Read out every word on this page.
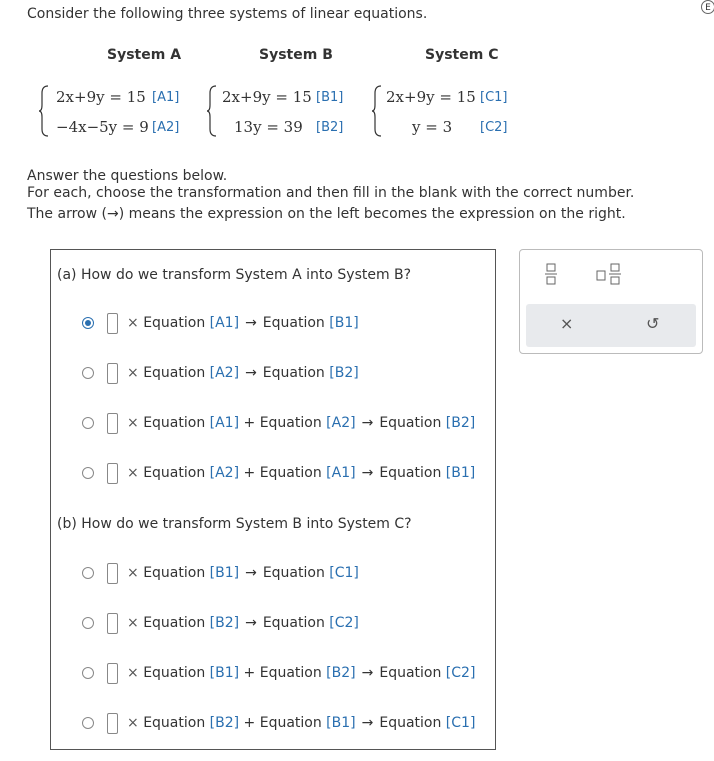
E
Consider the following three systems of linear equations.
System A	System B	System C
2x+9y = 15 [A1]
−4x−5y = 9 [A2]
2x+9y = 15 [B1]
13y = 39 [B2]
2x+9y = 15 [C1]
y = 3 [C2]
Answer the questions below.
For each, choose the transformation and then fill in the blank with the correct number.
The arrow (→) means the expression on the left becomes the expression on the right.
(a) How do we transform System A into System B?
× Equation [A1] → Equation [B1]
× Equation [A2] → Equation [B2]
× Equation [A1] + Equation [A2] → Equation [B2]
× Equation [A2] + Equation [A1] → Equation [B1]
(b) How do we transform System B into System C?
× Equation [B1] → Equation [C1]
× Equation [B2] → Equation [C2]
× Equation [B1] + Equation [B2] → Equation [C2]
× Equation [B2] + Equation [B1] → Equation [C1]
×	↺
